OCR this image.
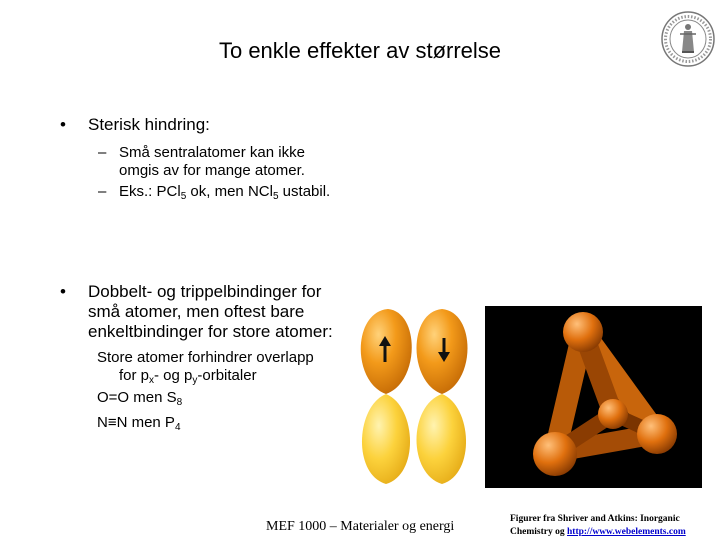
To enkle effekter av størrelse
• Sterisk hindring:
– Små sentralatomer kan ikke
omgis av for mange atomer.
– Eks.: PCl$_5$ ok, men NCl$_5$ ustabil.
• Dobbelt- og trippelbindinger for
små atomer, men oftest bare
enkeltbindinger for store atomer:
Store atomer forhindrer overlapp
for $p_x-$ og $p_y$-orbitaler
O=O men $S_8$
N≡N men $P_4$
MEF 1000 – Materialer og energi	Figurer fra Shriver and Atkins: Inorganic
Chemistry og http://www.webelements.com
